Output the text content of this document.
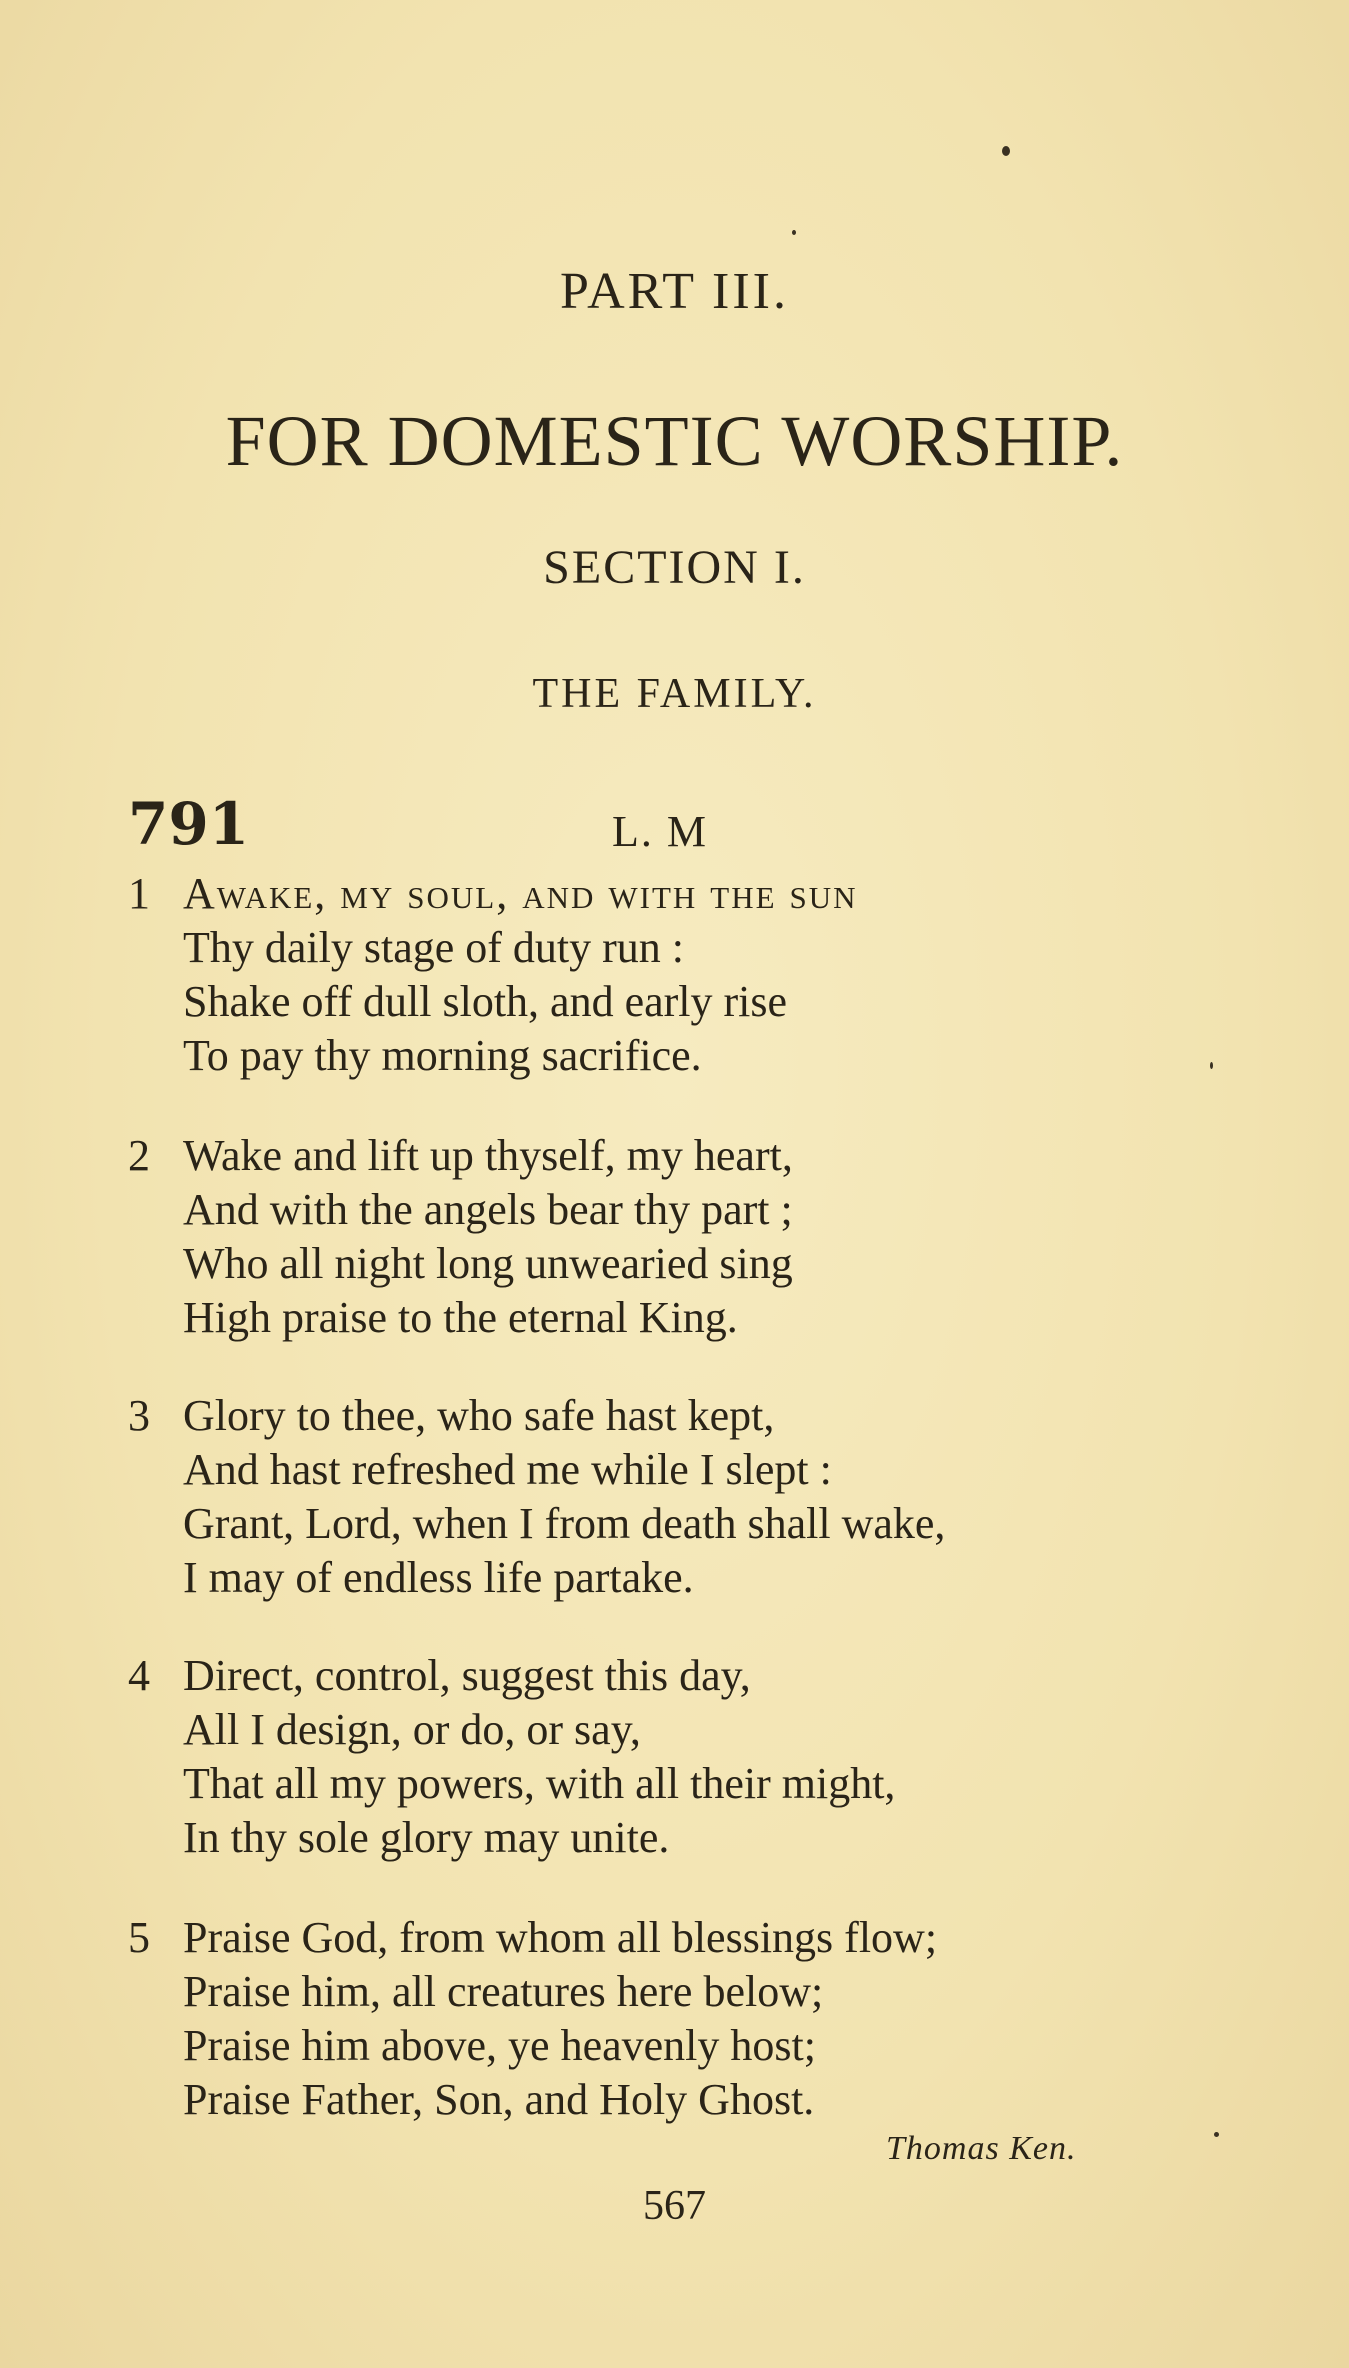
PART III.
FOR DOMESTIC WORSHIP.
SECTION I.
THE FAMILY.
791	L. M
1 Awake, my soul, and with the sun
Thy daily stage of duty run :
Shake off dull sloth, and early rise
To pay thy morning sacrifice.
2 Wake and lift up thyself, my heart,
And with the angels bear thy part ;
Who all night long unwearied sing
High praise to the eternal King.
3 Glory to thee, who safe hast kept,
And hast refreshed me while I slept :
Grant, Lord, when I from death shall wake,
I may of endless life partake.
4 Direct, control, suggest this day,
All I design, or do, or say,
That all my powers, with all their might,
In thy sole glory may unite.
5 Praise God, from whom all blessings flow;
Praise him, all creatures here below;
Praise him above, ye heavenly host;
Praise Father, Son, and Holy Ghost.
Thomas Ken.
567
